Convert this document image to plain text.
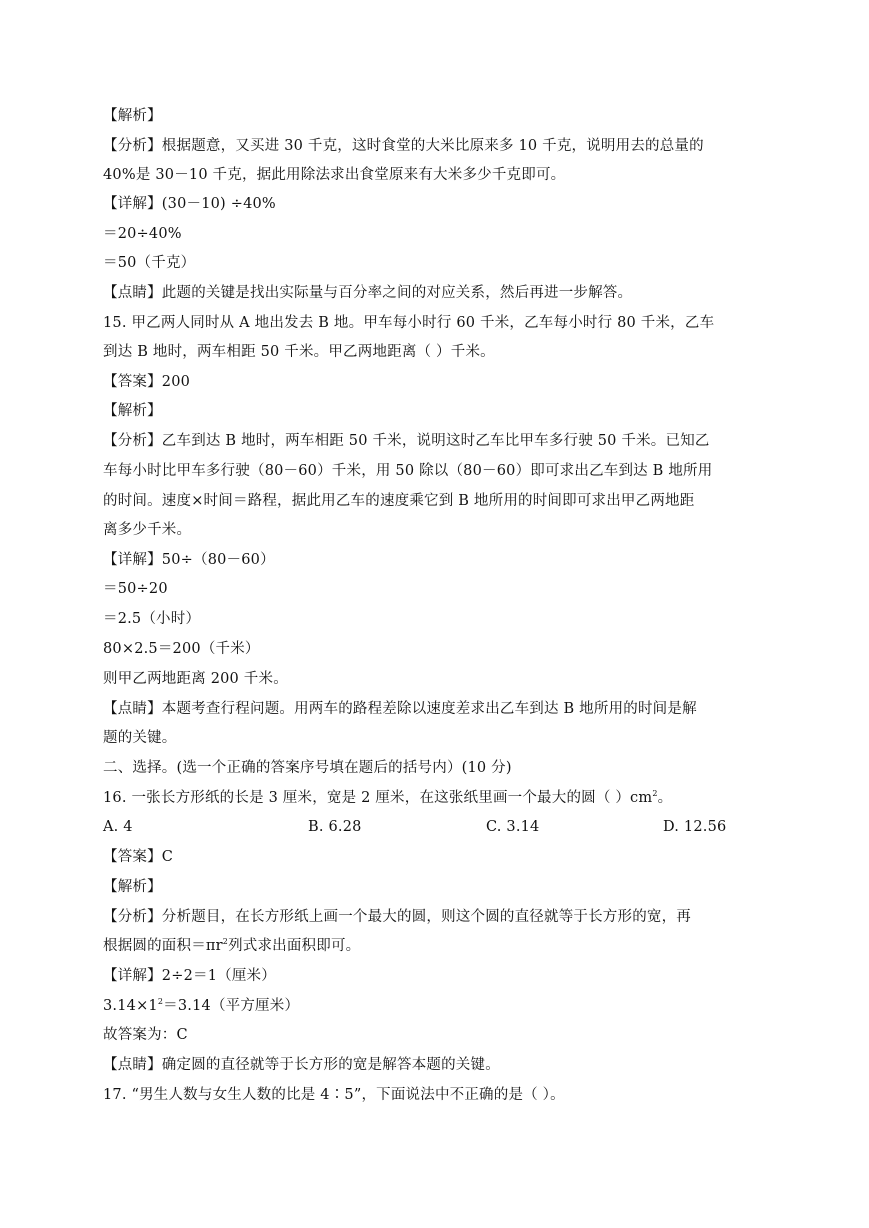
【解析】
【分析】根据题意，又买进 30 千克，这时食堂的大米比原来多 10 千克，说明用去的总量的
40%是 30－10 千克，据此用除法求出食堂原来有大米多少千克即可。
【详解】(30－10) ÷40%
＝20÷40%
＝50（千克）
【点睛】此题的关键是找出实际量与百分率之间的对应关系，然后再进一步解答。
15. 甲乙两人同时从 A 地出发去 B 地。甲车每小时行 60 千米，乙车每小时行 80 千米，乙车
到达 B 地时，两车相距 50 千米。甲乙两地距离（ ）千米。
【答案】200
【解析】
【分析】乙车到达 B 地时，两车相距 50 千米，说明这时乙车比甲车多行驶 50 千米。已知乙
车每小时比甲车多行驶（80－60）千米，用 50 除以（80－60）即可求出乙车到达 B 地所用
的时间。速度×时间＝路程，据此用乙车的速度乘它到 B 地所用的时间即可求出甲乙两地距
离多少千米。
【详解】50÷（80－60）
＝50÷20
＝2.5（小时）
80×2.5＝200（千米）
则甲乙两地距离 200 千米。
【点睛】本题考查行程问题。用两车的路程差除以速度差求出乙车到达 B 地所用的时间是解
题的关键。
二、选择。(选一个正确的答案序号填在题后的括号内）(10 分)
16. 一张长方形纸的长是 3 厘米，宽是 2 厘米，在这张纸里画一个最大的圆（ ）$cm^2$。
A. 4	B. 6.28	C. 3.14	D. 12.56
【答案】C
【解析】
【分析】分析题目，在长方形纸上画一个最大的圆，则这个圆的直径就等于长方形的宽，再
根据圆的面积$=\pi r^2$列式求出面积即可。
【详解】2÷2＝1（厘米）
$3.14\times 1^2=3.14$（平方厘米）
故答案为：C
【点睛】确定圆的直径就等于长方形的宽是解答本题的关键。
17. “男生人数与女生人数的比是 4∶5”，下面说法中不正确的是（ ）。
